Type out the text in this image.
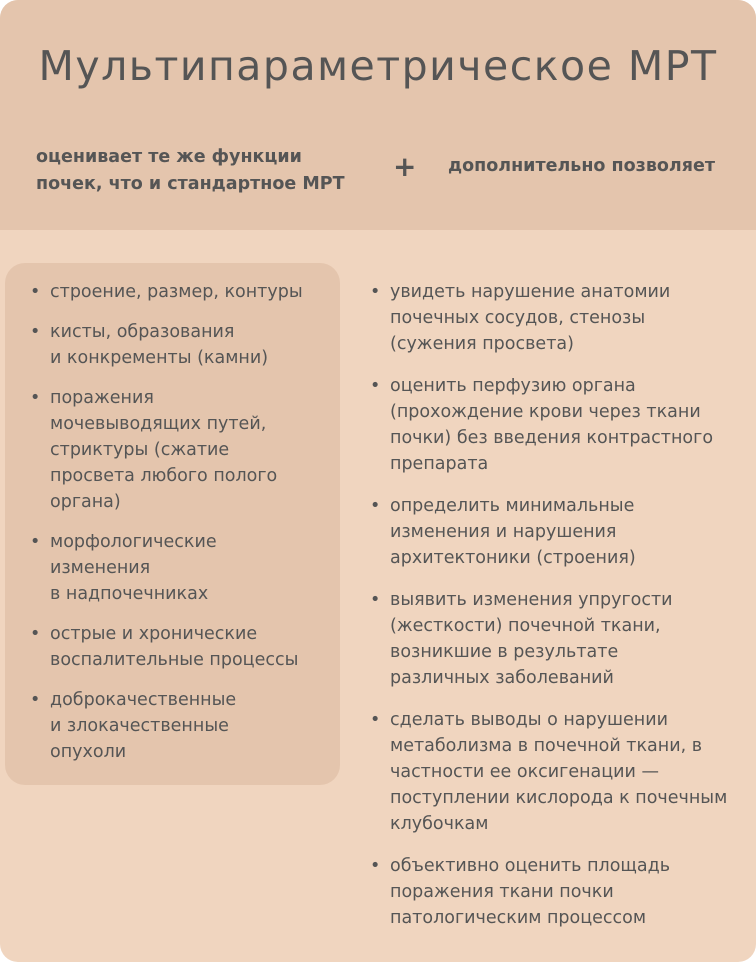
Мультипараметрическое МРТ
оценивает те же функции
почек, что и стандартное МРТ
+ дополнительно позволяет
• строение, размер, контуры
• кисты, образования
и конкременты (камни)
• поражения
мочевыводящих путей,
стриктуры (сжатие
просвета любого полого
органа)
• морфологические
изменения
в надпочечниках
• острые и хронические
воспалительные процессы
• доброкачественные
и злокачественные
опухоли
• увидеть нарушение анатомии
почечных сосудов, стенозы
(сужения просвета)
• оценить перфузию органа
(прохождение крови через ткани
почки) без введения контрастного
препарата
• определить минимальные
изменения и нарушения
архитектоники (строения)
• выявить изменения упругости
(жесткости) почечной ткани,
возникшие в результате
различных заболеваний
• сделать выводы о нарушении
метаболизма в почечной ткани, в
частности ее оксигенации —
поступлении кислорода к почечным
клубочкам
• объективно оценить площадь
поражения ткани почки
патологическим процессом
